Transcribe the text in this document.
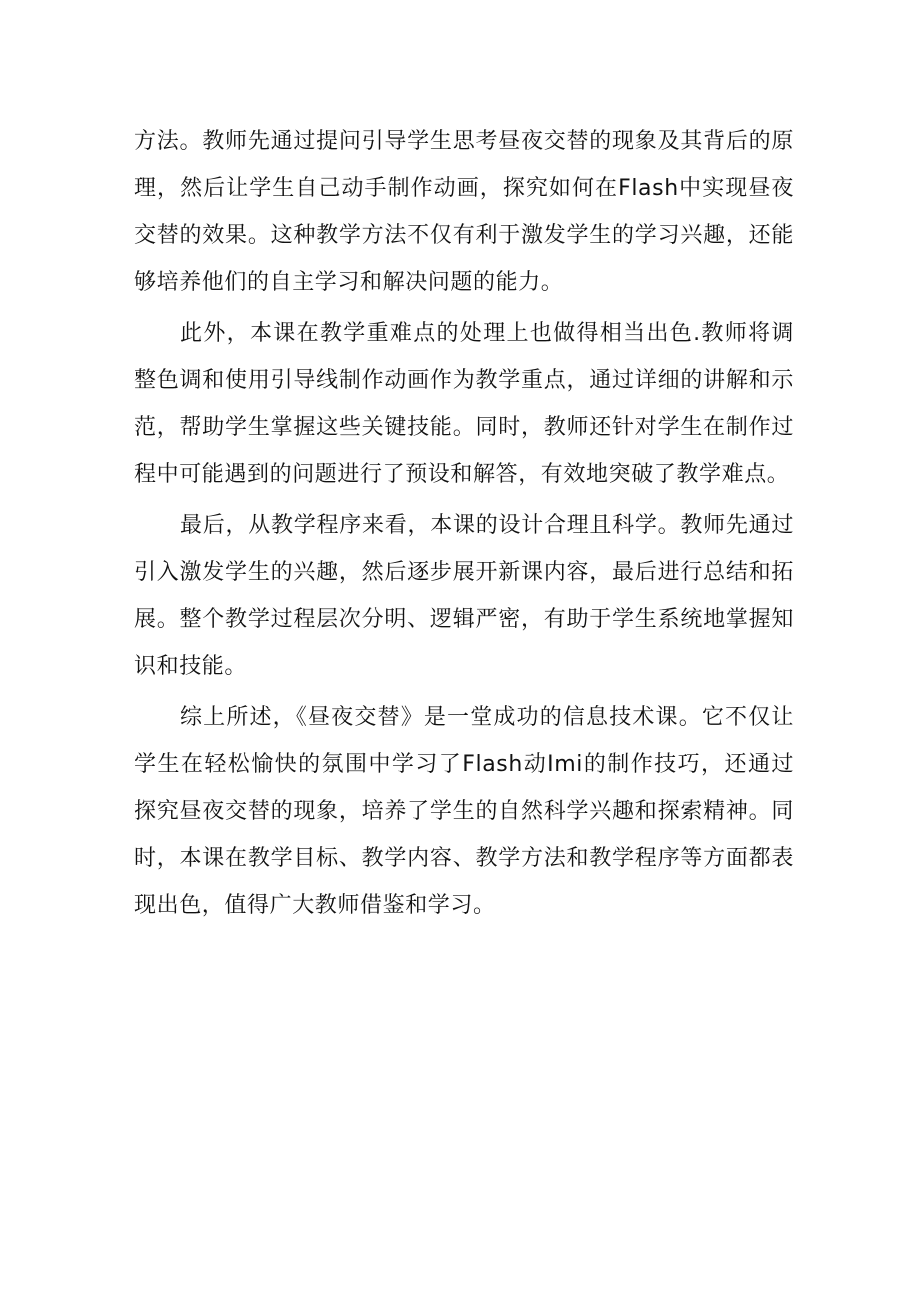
方法。教师先通过提问引导学生思考昼夜交替的现象及其背后的原理，然后让学生自己动手制作动画，探究如何在Flash中实现昼夜交替的效果。这种教学方法不仅有利于激发学生的学习兴趣，还能够培养他们的自主学习和解决问题的能力。

此外，本课在教学重难点的处理上也做得相当出色.教师将调整色调和使用引导线制作动画作为教学重点，通过详细的讲解和示范，帮助学生掌握这些关键技能。同时，教师还针对学生在制作过程中可能遇到的问题进行了预设和解答，有效地突破了教学难点。

最后，从教学程序来看，本课的设计合理且科学。教师先通过引入激发学生的兴趣，然后逐步展开新课内容，最后进行总结和拓展。整个教学过程层次分明、逻辑严密，有助于学生系统地掌握知识和技能。

综上所述，《昼夜交替》是一堂成功的信息技术课。它不仅让学生在轻松愉快的氛围中学习了Flash动Imi的制作技巧，还通过探究昼夜交替的现象，培养了学生的自然科学兴趣和探索精神。同时，本课在教学目标、教学内容、教学方法和教学程序等方面都表现出色，值得广大教师借鉴和学习。
